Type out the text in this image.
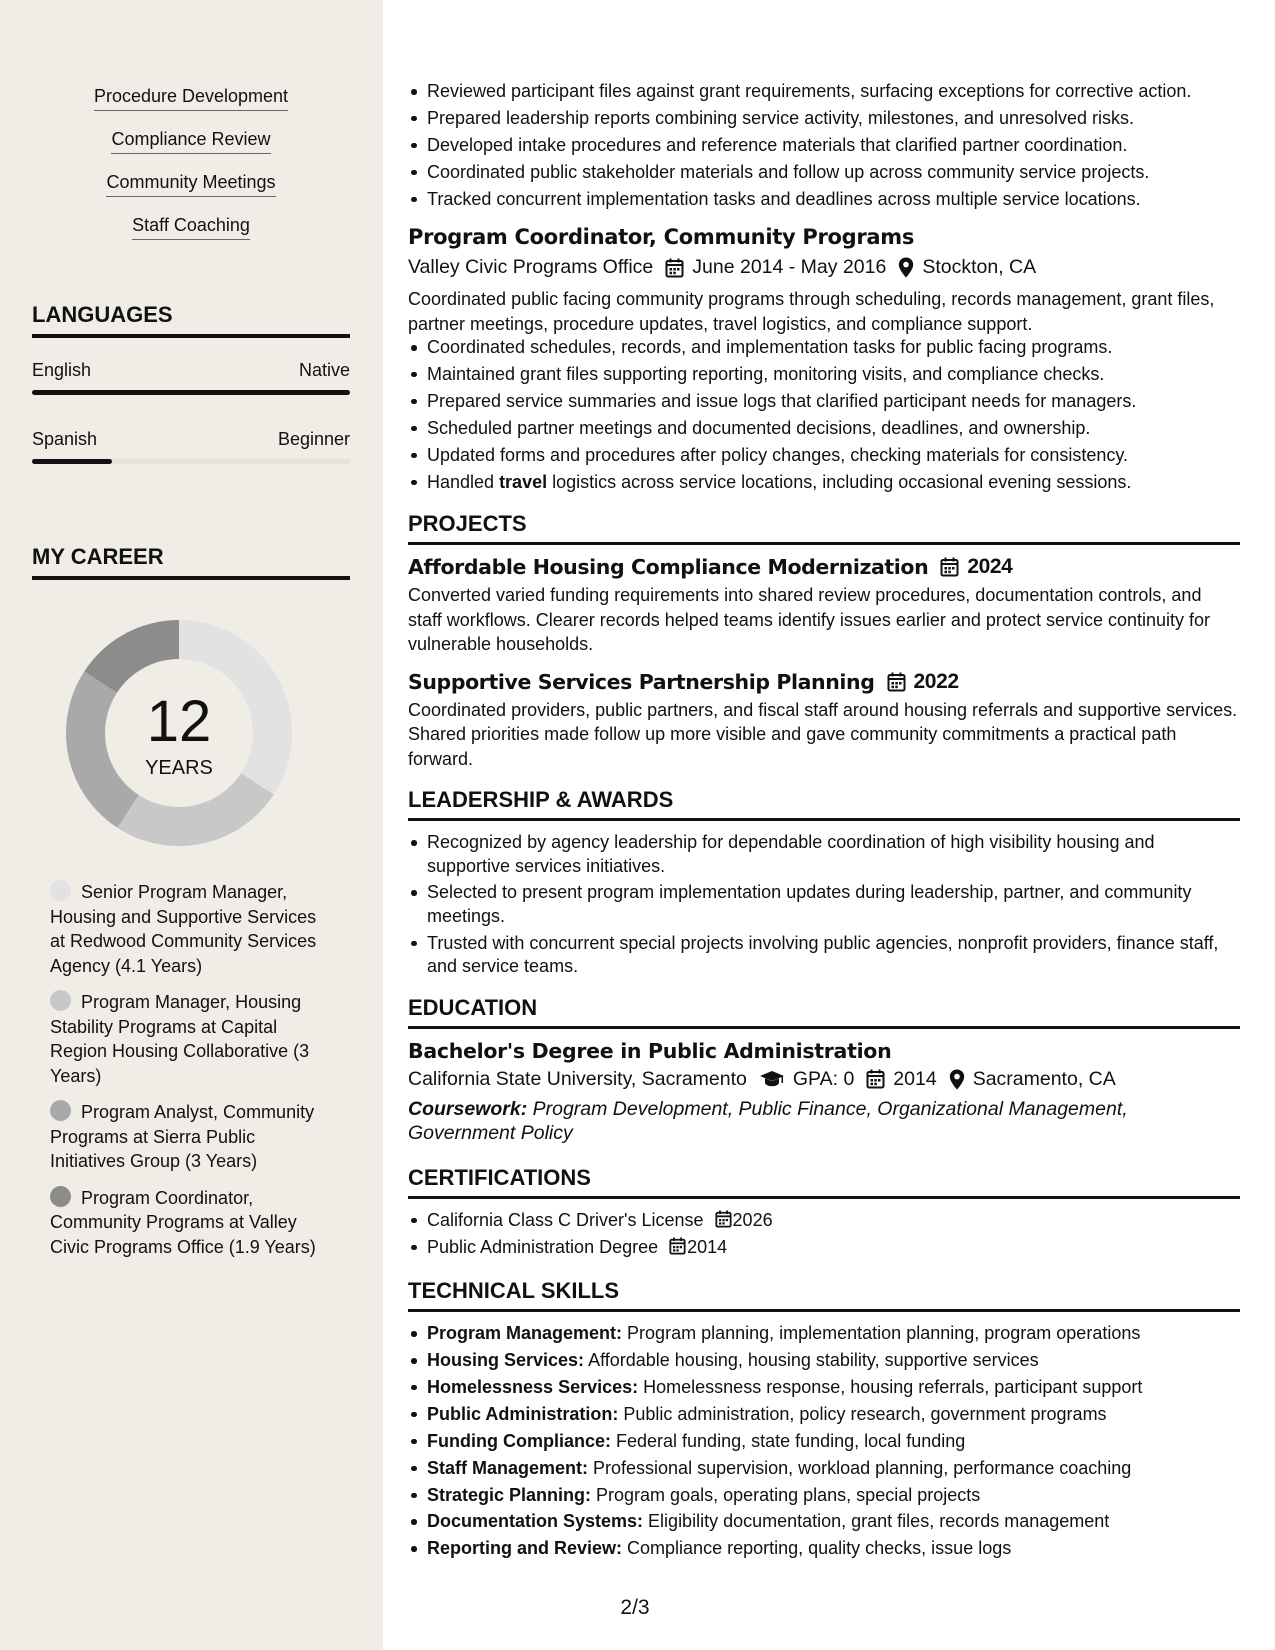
Procedure Development
Compliance Review
Community Meetings
Staff Coaching
LANGUAGES
English	Native
Spanish	Beginner
MY CAREER
12
YEARS
Senior Program Manager, Housing and Supportive Services at Redwood Community Services Agency (4.1 Years)
Program Manager, Housing Stability Programs at Capital Region Housing Collaborative (3 Years)
Program Analyst, Community Programs at Sierra Public Initiatives Group (3 Years)
Program Coordinator, Community Programs at Valley Civic Programs Office (1.9 Years)
Reviewed participant files against grant requirements, surfacing exceptions for corrective action.
Prepared leadership reports combining service activity, milestones, and unresolved risks.
Developed intake procedures and reference materials that clarified partner coordination.
Coordinated public stakeholder materials and follow up across community service projects.
Tracked concurrent implementation tasks and deadlines across multiple service locations.
Program Coordinator, Community Programs
Valley Civic Programs Office June 2014 - May 2016 Stockton, CA
Coordinated public facing community programs through scheduling, records management, grant files, partner meetings, procedure updates, travel logistics, and compliance support.
Coordinated schedules, records, and implementation tasks for public facing programs.
Maintained grant files supporting reporting, monitoring visits, and compliance checks.
Prepared service summaries and issue logs that clarified participant needs for managers.
Scheduled partner meetings and documented decisions, deadlines, and ownership.
Updated forms and procedures after policy changes, checking materials for consistency.
Handled travel logistics across service locations, including occasional evening sessions.
PROJECTS
Affordable Housing Compliance Modernization 2024
Converted varied funding requirements into shared review procedures, documentation controls, and staff workflows. Clearer records helped teams identify issues earlier and protect service continuity for vulnerable households.
Supportive Services Partnership Planning 2022
Coordinated providers, public partners, and fiscal staff around housing referrals and supportive services. Shared priorities made follow up more visible and gave community commitments a practical path forward.
LEADERSHIP & AWARDS
Recognized by agency leadership for dependable coordination of high visibility housing and supportive services initiatives.
Selected to present program implementation updates during leadership, partner, and community meetings.
Trusted with concurrent special projects involving public agencies, nonprofit providers, finance staff, and service teams.
EDUCATION
Bachelor's Degree in Public Administration
California State University, Sacramento GPA: 0 2014 Sacramento, CA
Coursework: Program Development, Public Finance, Organizational Management, Government Policy
CERTIFICATIONS
California Class C Driver's License 2026
Public Administration Degree 2014
TECHNICAL SKILLS
Program Management: Program planning, implementation planning, program operations
Housing Services: Affordable housing, housing stability, supportive services
Homelessness Services: Homelessness response, housing referrals, participant support
Public Administration: Public administration, policy research, government programs
Funding Compliance: Federal funding, state funding, local funding
Staff Management: Professional supervision, workload planning, performance coaching
Strategic Planning: Program goals, operating plans, special projects
Documentation Systems: Eligibility documentation, grant files, records management
Reporting and Review: Compliance reporting, quality checks, issue logs
2/3
